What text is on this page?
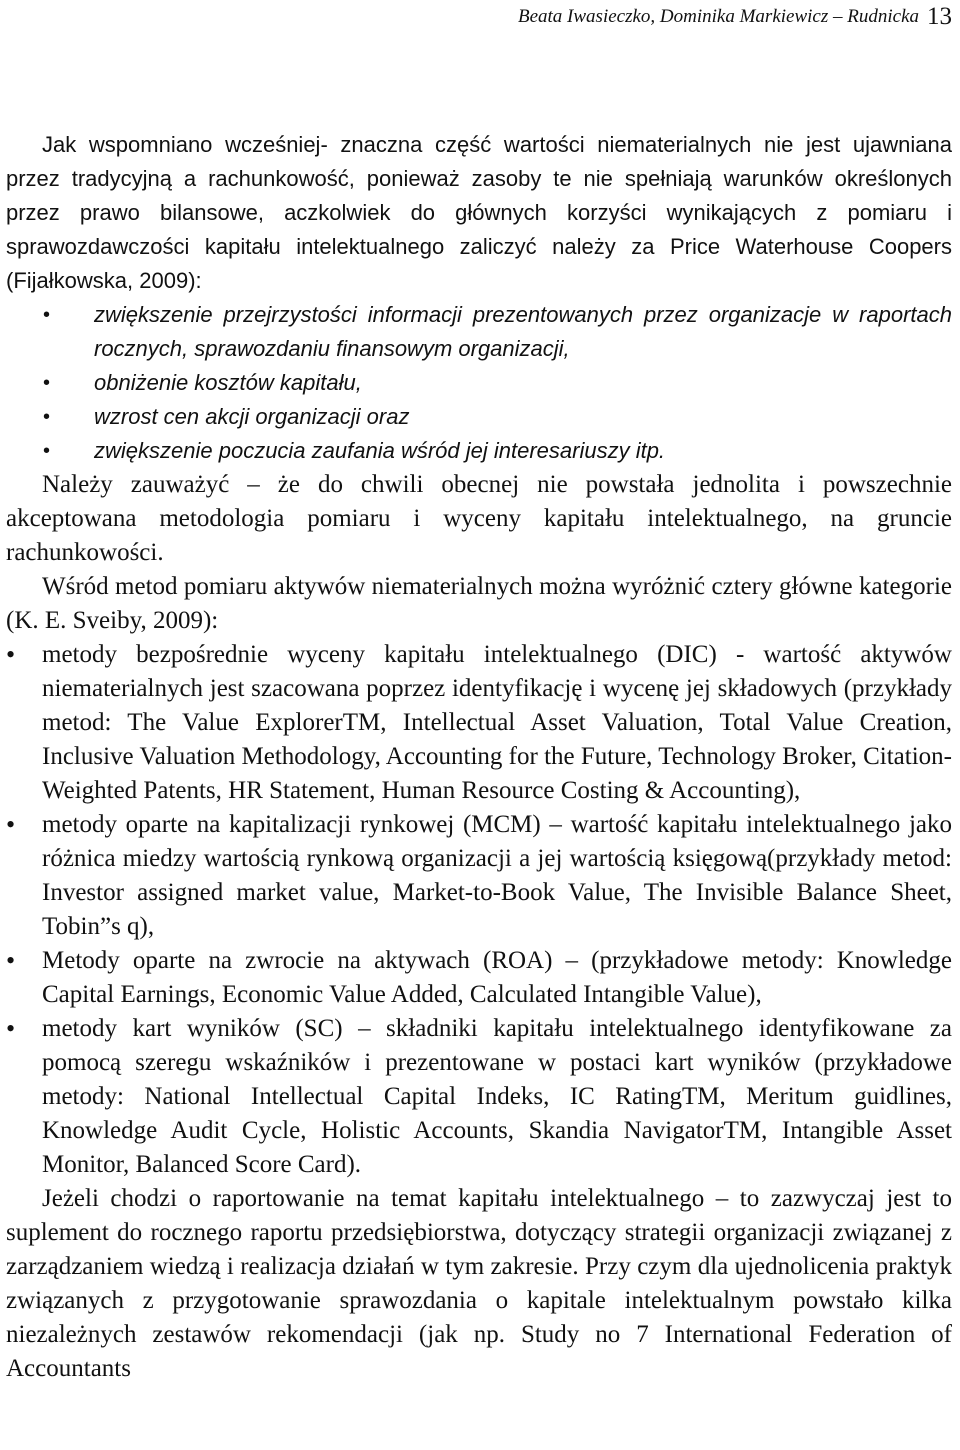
Beata Iwasieczko, Dominika Markiewicz – Rudnicka 13

Jak wspomniano wcześniej- znaczna część wartości niematerialnych nie jest ujawniana przez tradycyjną a rachunkowość, ponieważ zasoby te nie spełniają warunków określonych przez prawo bilansowe, aczkolwiek do głównych korzyści wynikających z pomiaru i sprawozdawczości kapitału intelektualnego zaliczyć należy za Price Waterhouse Coopers (Fijałkowska, 2009):

• zwiększenie przejrzystości informacji prezentowanych przez organizacje w raportach rocznych, sprawozdaniu finansowym organizacji,
• obniżenie kosztów kapitału,
• wzrost cen akcji organizacji oraz
• zwiększenie poczucia zaufania wśród jej interesariuszy itp.

Należy zauważyć – że do chwili obecnej nie powstała jednolita i powszechnie akceptowana metodologia pomiaru i wyceny kapitału intelektualnego, na gruncie rachunkowości.

Wśród metod pomiaru aktywów niematerialnych można wyróżnić cztery główne kategorie (K. E. Sveiby, 2009):

• metody bezpośrednie wyceny kapitału intelektualnego (DIC) - wartość aktywów niematerialnych jest szacowana poprzez identyfikację i wycenę jej składowych (przykłady metod: The Value ExplorerTM, Intellectual Asset Valuation, Total Value Creation, Inclusive Valuation Methodology, Accounting for the Future, Technology Broker, Citation-Weighted Patents, HR Statement, Human Resource Costing & Accounting),
• metody oparte na kapitalizacji rynkowej (MCM) – wartość kapitału intelektualnego jako różnica miedzy wartością rynkową organizacji a jej wartością księgową(przykłady metod: Investor assigned market value, Market-to-Book Value, The Invisible Balance Sheet, Tobin”s q),
• Metody oparte na zwrocie na aktywach (ROA) – (przykładowe metody: Knowledge Capital Earnings, Economic Value Added, Calculated Intangible Value),
• metody kart wyników (SC) – składniki kapitału intelektualnego identyfikowane za pomocą szeregu wskaźników i prezentowane w postaci kart wyników (przykładowe metody: National Intellectual Capital Indeks, IC RatingTM, Meritum guidlines, Knowledge Audit Cycle, Holistic Accounts, Skandia NavigatorTM, Intangible Asset Monitor, Balanced Score Card).

Jeżeli chodzi o raportowanie na temat kapitału intelektualnego – to zazwyczaj jest to suplement do rocznego raportu przedsiębiorstwa, dotyczący strategii organizacji związanej z zarządzaniem wiedzą i realizacja działań w tym zakresie. Przy czym dla ujednolicenia praktyk związanych z przygotowanie sprawozdania o kapitale intelektualnym powstało kilka niezależnych zestawów rekomendacji (jak np. Study no 7 International Federation of Accountants
